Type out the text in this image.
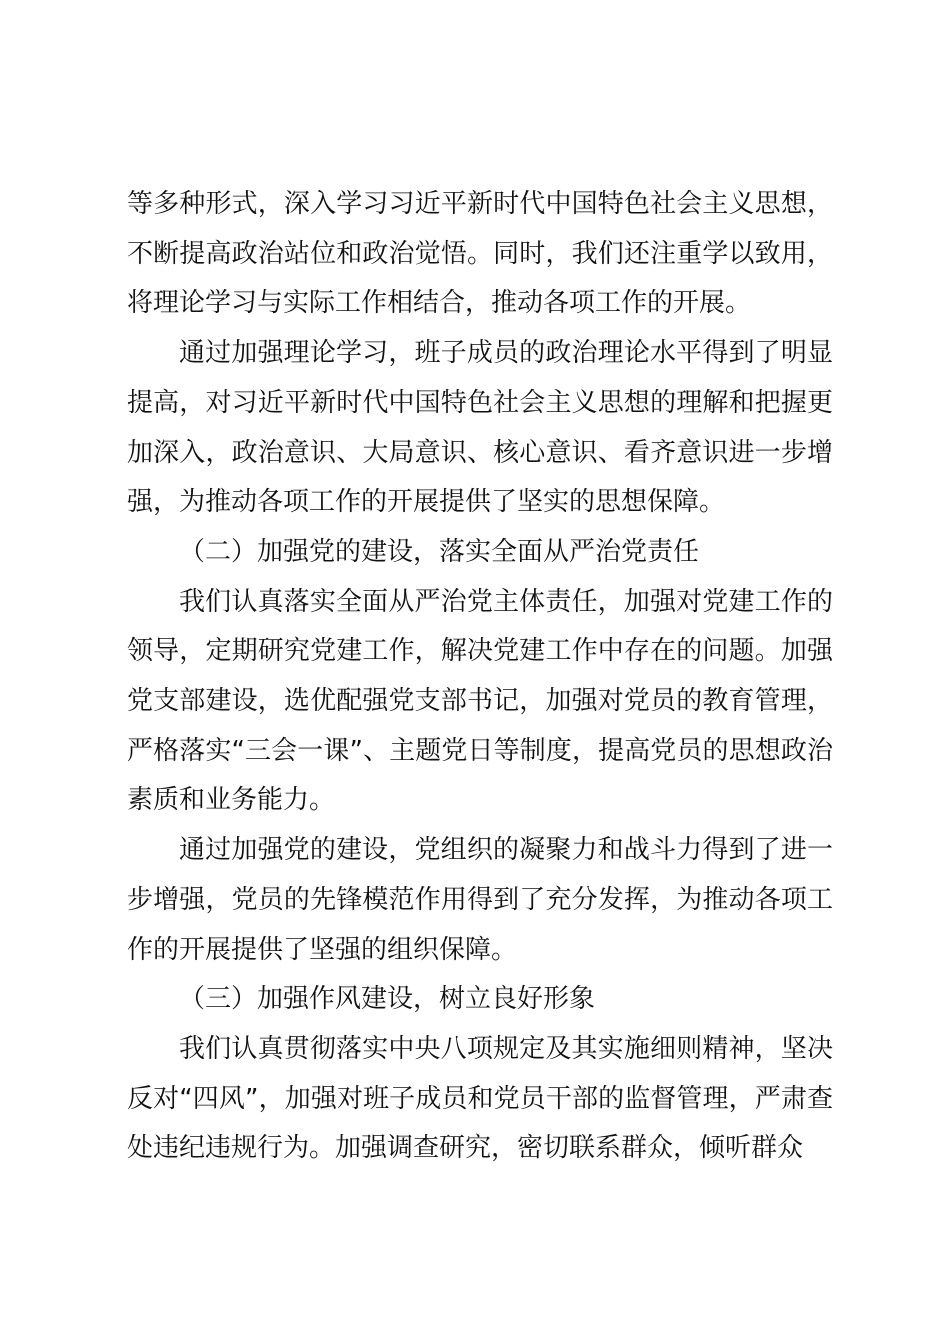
等多种形式，深入学习习近平新时代中国特色社会主义思想，不断提高政治站位和政治觉悟。同时，我们还注重学以致用，将理论学习与实际工作相结合，推动各项工作的开展。

通过加强理论学习，班子成员的政治理论水平得到了明显提高，对习近平新时代中国特色社会主义思想的理解和把握更加深入，政治意识、大局意识、核心意识、看齐意识进一步增强，为推动各项工作的开展提供了坚实的思想保障。

（二）加强党的建设，落实全面从严治党责任

我们认真落实全面从严治党主体责任，加强对党建工作的领导，定期研究党建工作，解决党建工作中存在的问题。加强党支部建设，选优配强党支部书记，加强对党员的教育管理，严格落实“三会一课”、主题党日等制度，提高党员的思想政治素质和业务能力。

通过加强党的建设，党组织的凝聚力和战斗力得到了进一步增强，党员的先锋模范作用得到了充分发挥，为推动各项工作的开展提供了坚强的组织保障。

（三）加强作风建设，树立良好形象

我们认真贯彻落实中央八项规定及其实施细则精神，坚决反对“四风”，加强对班子成员和党员干部的监督管理，严肃查处违纪违规行为。加强调查研究，密切联系群众，倾听群众
